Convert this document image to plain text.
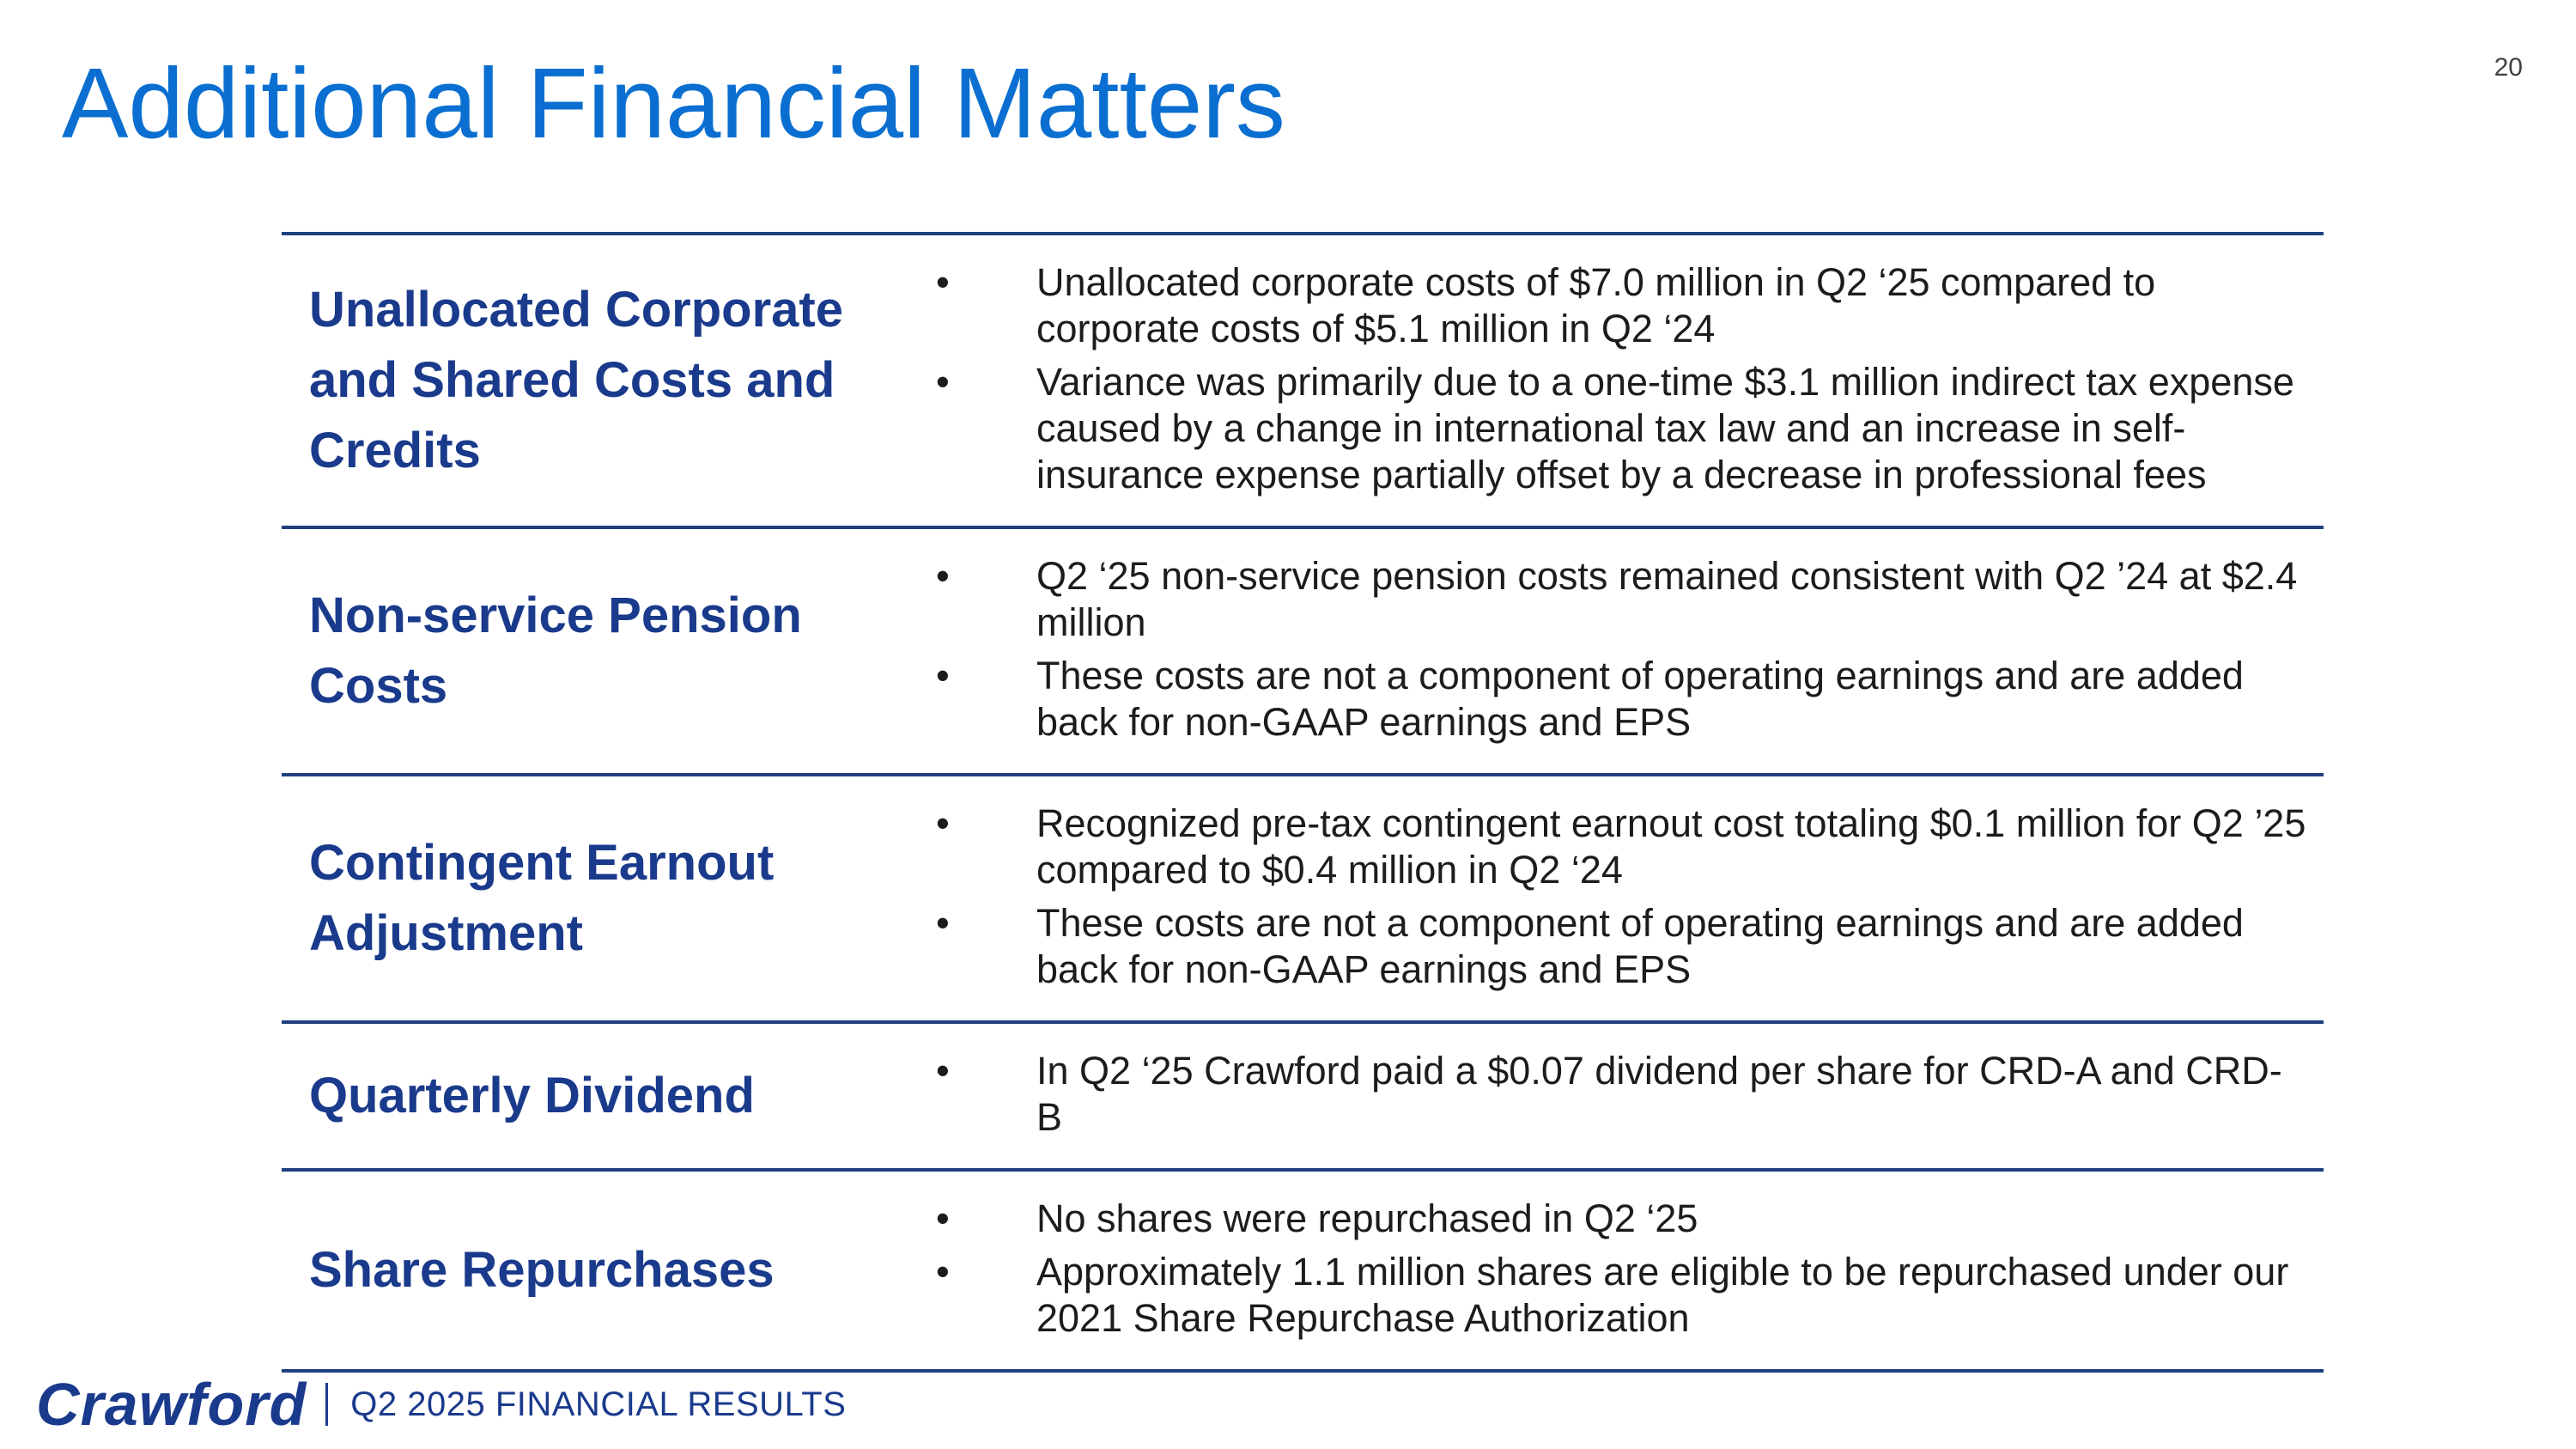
20
Additional Financial Matters
Unallocated Corporate and Shared Costs and Credits	• Unallocated corporate costs of $7.0 million in Q2 ‘25 compared to corporate costs of $5.1 million in Q2 ‘24
• Variance was primarily due to a one-time $3.1 million indirect tax expense caused by a change in international tax law and an increase in self-insurance expense partially offset by a decrease in professional fees

Non-service Pension Costs	• Q2 ‘25 non-service pension costs remained consistent with Q2 ’24 at $2.4 million
• These costs are not a component of operating earnings and are added back for non-GAAP earnings and EPS

Contingent Earnout Adjustment	• Recognized pre-tax contingent earnout cost totaling $0.1 million for Q2 ’25 compared to $0.4 million in Q2 ‘24
• These costs are not a component of operating earnings and are added back for non-GAAP earnings and EPS

Quarterly Dividend	• In Q2 ‘25 Crawford paid a $0.07 dividend per share for CRD-A and CRD-B

Share Repurchases	• No shares were repurchased in Q2 ‘25
• Approximately 1.1 million shares are eligible to be repurchased under our 2021 Share Repurchase Authorization
Crawford Q2 2025 FINANCIAL RESULTS
